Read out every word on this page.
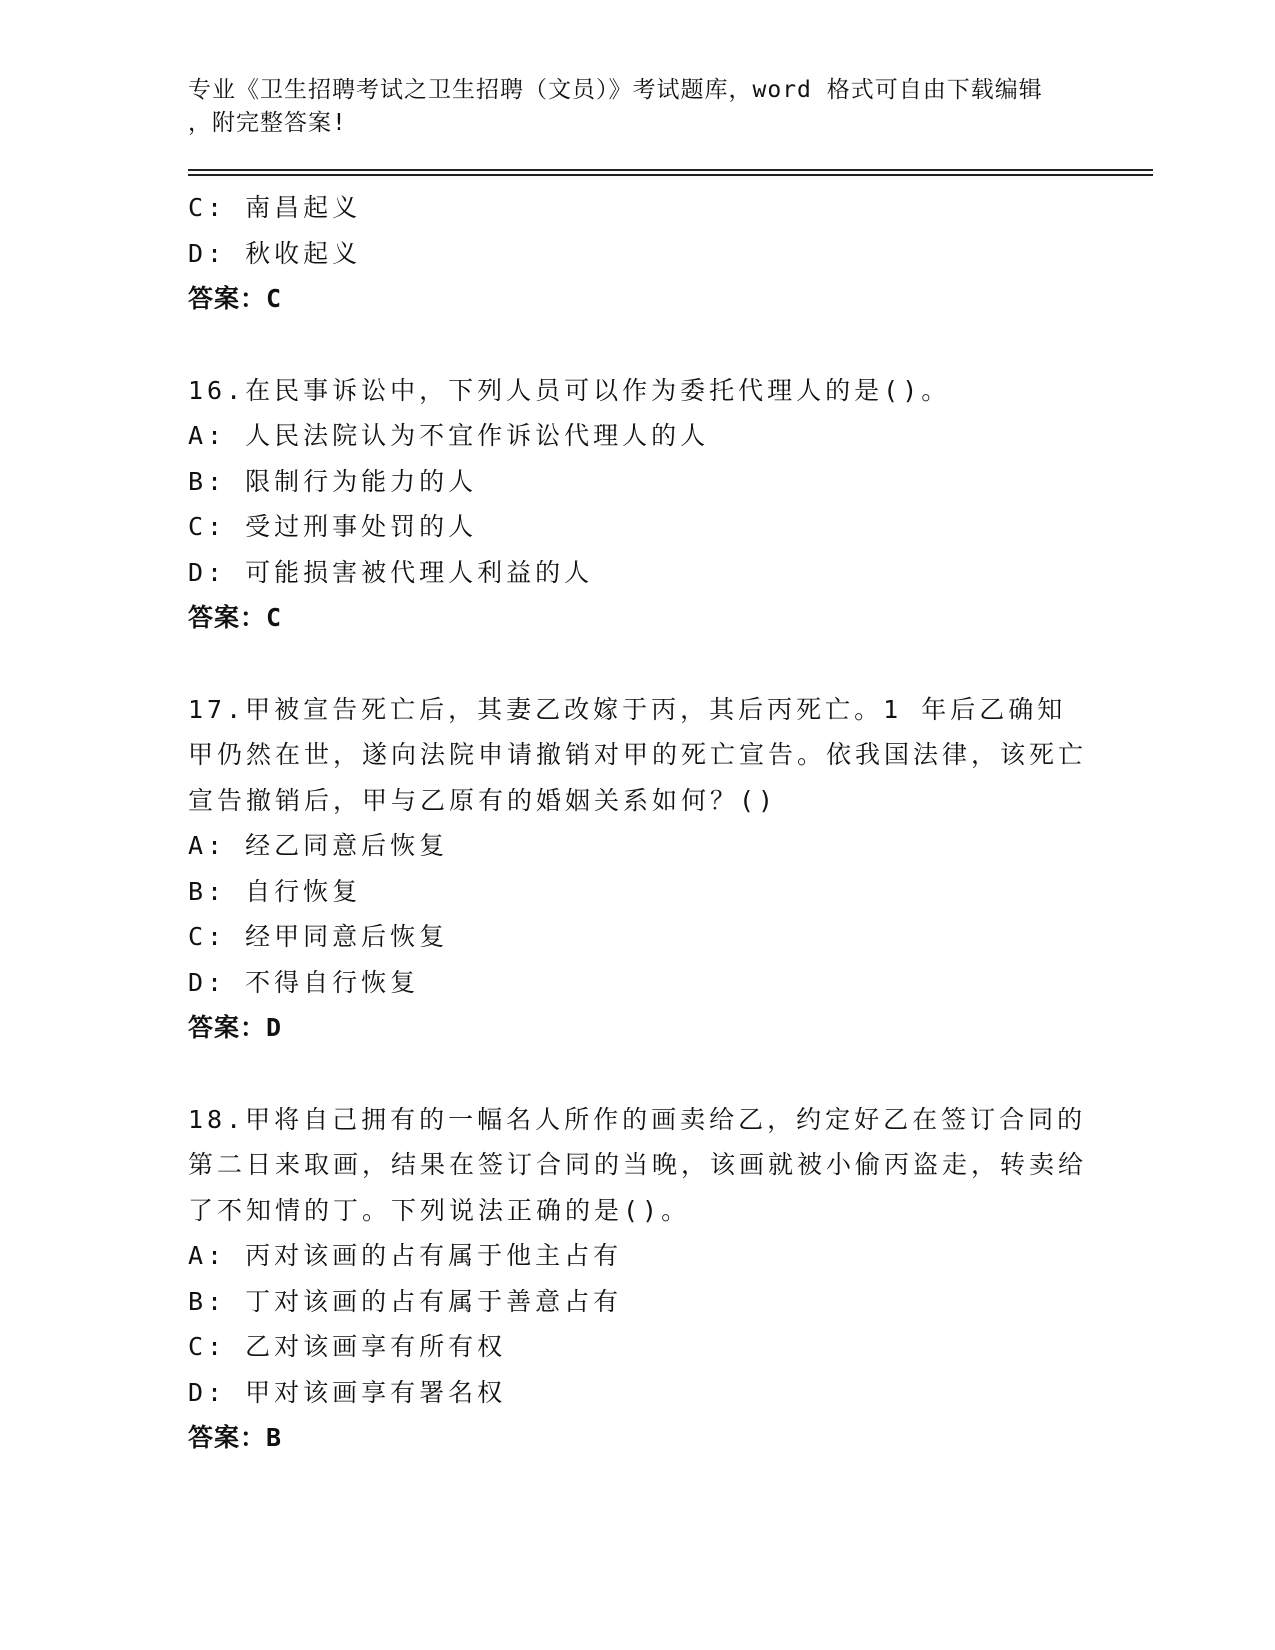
专业《卫生招聘考试之卫生招聘（文员）》考试题库，word 格式可自由下载编辑
，附完整答案!
C: 南昌起义
D: 秋收起义
答案：C
16.在民事诉讼中，下列人员可以作为委托代理人的是()。
A: 人民法院认为不宜作诉讼代理人的人
B: 限制行为能力的人
C: 受过刑事处罚的人
D: 可能损害被代理人利益的人
答案：C
17.甲被宣告死亡后，其妻乙改嫁于丙，其后丙死亡。1 年后乙确知甲仍然在世，遂向法院申请撤销对甲的死亡宣告。依我国法律，该死亡宣告撤销后，甲与乙原有的婚姻关系如何？()
A: 经乙同意后恢复
B: 自行恢复
C: 经甲同意后恢复
D: 不得自行恢复
答案：D
18.甲将自己拥有的一幅名人所作的画卖给乙，约定好乙在签订合同的第二日来取画，结果在签订合同的当晚，该画就被小偷丙盗走，转卖给了不知情的丁。下列说法正确的是()。
A: 丙对该画的占有属于他主占有
B: 丁对该画的占有属于善意占有
C: 乙对该画享有所有权
D: 甲对该画享有署名权
答案：B
